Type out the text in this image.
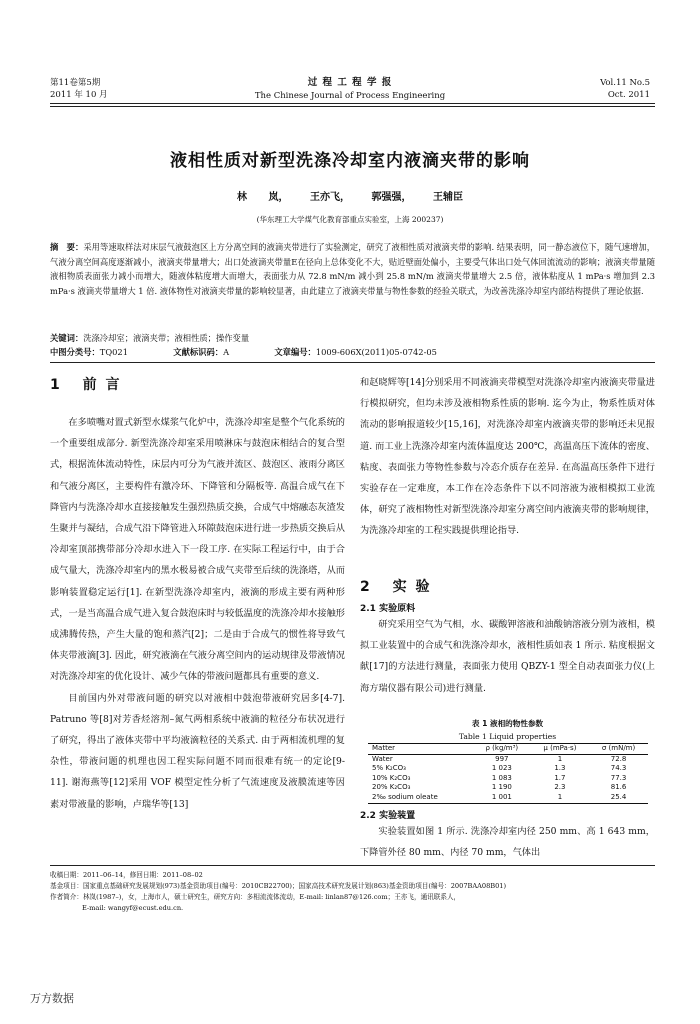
第11卷第5期
2011 年 10 月
过 程 工 程 学 报
The Chinese Journal of Process Engineering
Vol.11 No.5
Oct. 2011
液相性质对新型洗涤冷却室内液滴夹带的影响
林 岚， 王亦飞， 郭强强， 王辅臣
(华东理工大学煤气化教育部重点实验室，上海 200237)
摘　要：采用等速取样法对床层气液鼓泡区上方分离空间的液滴夹带进行了实验测定，研究了液相性质对液滴夹带的影响. 结果表明，同一静态液位下，随气速增加，气液分离空间高度逐渐减小，液滴夹带量增大；出口处液滴夹带量E在径向上总体变化不大，贴近壁面处偏小，主要受气体出口处气体回流流动的影响；液滴夹带量随液相物质表面张力减小而增大，随液体粘度增大而增大，表面张力从 72.8 mN/m 减小到 25.8 mN/m 液滴夹带量增大 2.5 倍，液体粘度从 1 mPa·s 增加到 2.3 mPa·s 液滴夹带量增大 1 倍. 液体物性对液滴夹带量的影响较显著，由此建立了液滴夹带量与物性参数的经验关联式，为改善洗涤冷却室内部结构提供了理论依据.
关键词：洗涤冷却室；液滴夹带；液相性质；操作变量
中图分类号：TQ021	文献标识码：A	文章编号：1009-606X(2011)05-0742-05
1 前 言

在多喷嘴对置式新型水煤浆气化炉中，洗涤冷却室是整个气化系统的一个重要组成部分. 新型洗涤冷却室采用喷淋床与鼓泡床相结合的复合型式，根据流体流动特性，床层内可分为气液并流区、鼓泡区、液雨分离区和气液分离区，主要构件有激冷环、下降管和分隔板等. 高温合成气在下降管内与洗涤冷却水直接接触发生强烈热质交换，合成气中熔融态灰渣发生聚并与凝结，合成气沿下降管进入环隙鼓泡床进行进一步热质交换后从冷却室顶部携带部分冷却水进入下一段工序. 在实际工程运行中，由于合成气量大，洗涤冷却室内的黑水极易被合成气夹带至后续的洗涤塔，从而影响装置稳定运行[1]. 在新型洗涤冷却室内，液滴的形成主要有两种形式，一是当高温合成气进入复合鼓泡床时与较低温度的洗涤冷却水接触形成沸腾传热，产生大量的饱和蒸汽[2]；二是由于合成气的惯性将导致气体夹带液滴[3]. 因此，研究液滴在气液分离空间内的运动规律及带液情况对洗涤冷却室的优化设计、减少气体的带液问题都具有重要的意义.

目前国内外对带液问题的研究以对液相中鼓泡带液研究居多[4-7]. Patruno 等[8]对芳香烃溶剂–氮气两相系统中液滴的粒径分布状况进行了研究，得出了液体夹带中平均液滴粒径的关系式. 由于两相流机理的复杂性，带液问题的机理也因工程实际问题不同而很难有统一的定论[9-11]. 谢海燕等[12]采用 VOF 模型定性分析了气流速度及液膜流速等因素对带液量的影响，卢瑞华等[13]

和赵晓辉等[14]分别采用不同液滴夹带模型对洗涤冷却室内液滴夹带量进行模拟研究，但均未涉及液相物系性质的影响. 迄今为止，物系性质对体流动的影响报道较少[15,16]，对洗涤冷却室内液滴夹带的影响还未见报道. 而工业上洗涤冷却室内流体温度达 200℃，高温高压下流体的密度、粘度、表面张力等物性参数与冷态介质存在差异. 在高温高压条件下进行实验存在一定难度，本工作在冷态条件下以不同溶液为液相模拟工业流体，研究了液相物性对新型洗涤冷却室分离空间内液滴夹带的影响规律，为洗涤冷却室的工程实践提供理论指导.

2 实 验
2.1 实验原料

研究采用空气为气相，水、碳酸钾溶液和油酸钠溶液分别为液相，模拟工业装置中的合成气和洗涤冷却水，液相性质如表 1 所示. 粘度根据文献[17]的方法进行测量，表面张力使用 QBZY-1 型全自动表面张力仪(上海方瑞仪器有限公司)进行测量.

表 1 液相的物性参数
Table 1 Liquid properties
Matter	ρ (kg/m³)	μ (mPa·s)	σ (mN/m)
Water	997	1	72.8
5% K₂CO₃	1 023	1.3	74.3
10% K₂CO₃	1 083	1.7	77.3
20% K₂CO₃	1 190	2.3	81.6
2‰ sodium oleate	1 001	1	25.4
2.2 实验装置

实验装置如图 1 所示. 洗涤冷却室内径 250 mm、高 1 643 mm，下降管外径 80 mm、内径 70 mm，气体出

收稿日期：2011–06–14，修回日期：2011–08–02
基金项目：国家重点基础研究发展规划(973)基金资助项目(编号：2010CB22700)；国家高技术研究发展计划(863)基金资助项目(编号：2007BAA08B01)
作者简介：林岚(1987–)，女，上海市人，硕士研究生，研究方向：多相流流体流动，E-mail: linlan87@126.com；王亦飞，通讯联系人，
E-mail: wangyf@ecust.edu.cn.
万方数据
